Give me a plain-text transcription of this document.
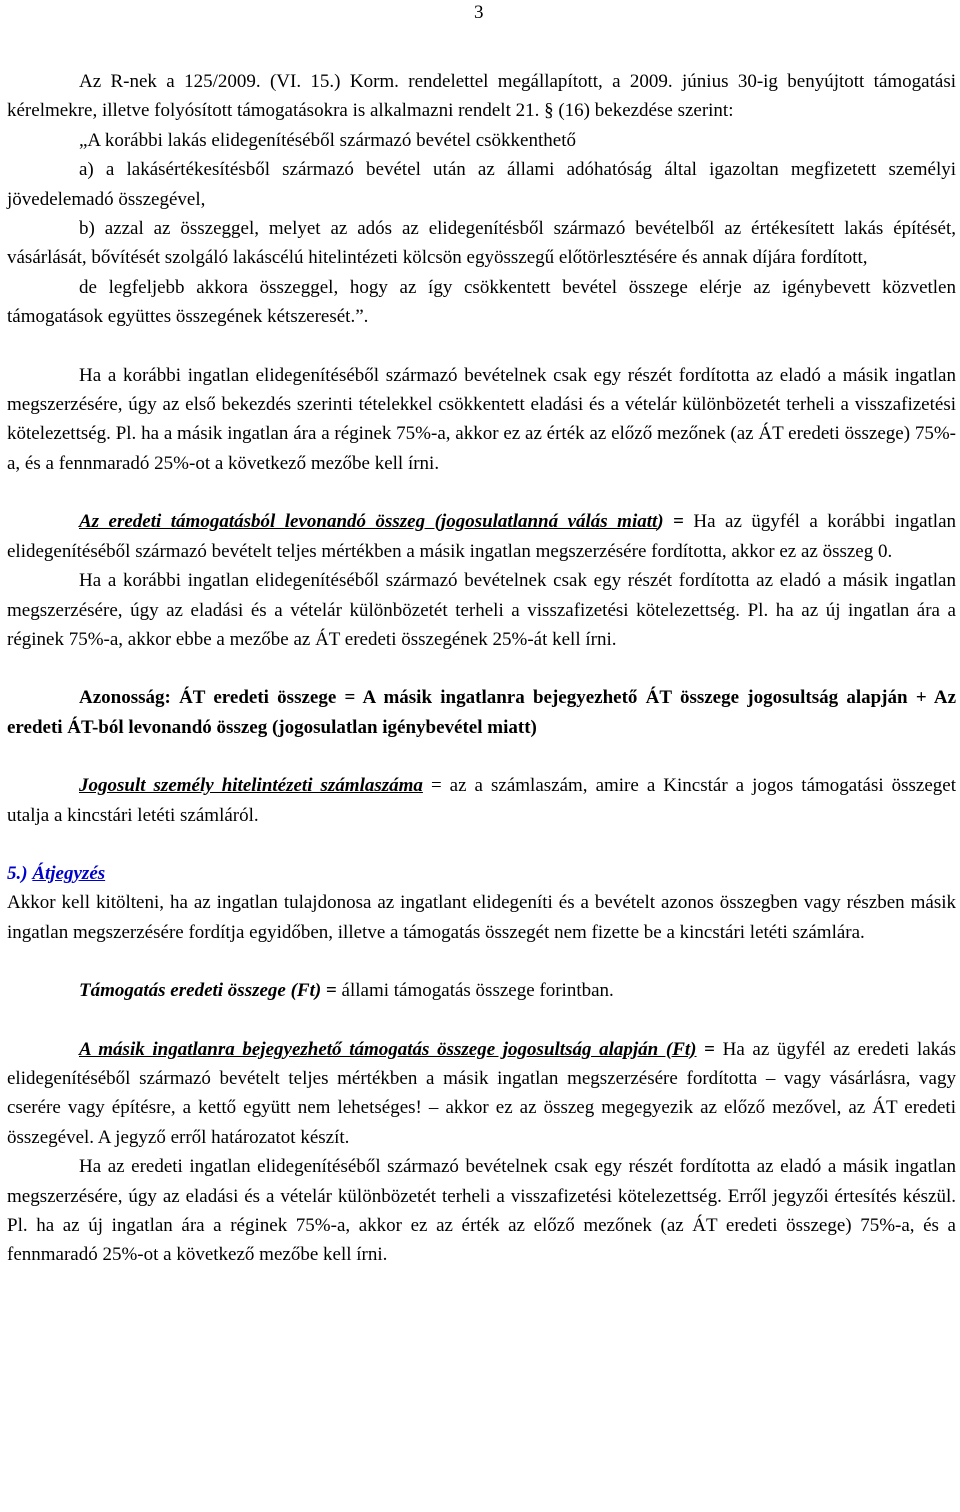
3

Az R-nek a 125/2009. (VI. 15.) Korm. rendelettel megállapított, a 2009. június 30-ig benyújtott támogatási kérelmekre, illetve folyósított támogatásokra is alkalmazni rendelt 21. § (16) bekezdése szerint:

„A korábbi lakás elidegenítéséből származó bevétel csökkenthető

a) a lakásértékesítésből származó bevétel után az állami adóhatóság által igazoltan megfizetett személyi jövedelemadó összegével,

b) azzal az összeggel, melyet az adós az elidegenítésből származó bevételből az értékesített lakás építését, vásárlását, bővítését szolgáló lakáscélú hitelintézeti kölcsön egyösszegű előtörlesztésére és annak díjára fordított,

de legfeljebb akkora összeggel, hogy az így csökkentett bevétel összege elérje az igénybevett közvetlen támogatások együttes összegének kétszeresét.”.

Ha a korábbi ingatlan elidegenítéséből származó bevételnek csak egy részét fordította az eladó a másik ingatlan megszerzésére, úgy az első bekezdés szerinti tételekkel csökkentett eladási és a vételár különbözetét terheli a visszafizetési kötelezettség. Pl. ha a másik ingatlan ára a réginek 75%-a, akkor ez az érték az előző mezőnek (az ÁT eredeti összege) 75%-a, és a fennmaradó 25%-ot a következő mezőbe kell írni.

Az eredeti támogatásból levonandó összeg (jogosulatlanná válás miatt) = Ha az ügyfél a korábbi ingatlan elidegenítéséből származó bevételt teljes mértékben a másik ingatlan megszerzésére fordította, akkor ez az összeg 0.

Ha a korábbi ingatlan elidegenítéséből származó bevételnek csak egy részét fordította az eladó a másik ingatlan megszerzésére, úgy az eladási és a vételár különbözetét terheli a visszafizetési kötelezettség. Pl. ha az új ingatlan ára a réginek 75%-a, akkor ebbe a mezőbe az ÁT eredeti összegének 25%-át kell írni.

Azonosság: ÁT eredeti összege = A másik ingatlanra bejegyezhető ÁT összege jogosultság alapján + Az eredeti ÁT-ból levonandó összeg (jogosulatlan igénybevétel miatt)

Jogosult személy hitelintézeti számlaszáma = az a számlaszám, amire a Kincstár a jogos támogatási összeget utalja a kincstári letéti számláról.

5.) Átjegyzés

Akkor kell kitölteni, ha az ingatlan tulajdonosa az ingatlant elidegeníti és a bevételt azonos összegben vagy részben másik ingatlan megszerzésére fordítja egyidőben, illetve a támogatás összegét nem fizette be a kincstári letéti számlára.

Támogatás eredeti összege (Ft) = állami támogatás összege forintban.

A másik ingatlanra bejegyezhető támogatás összege jogosultság alapján (Ft) = Ha az ügyfél az eredeti lakás elidegenítéséből származó bevételt teljes mértékben a másik ingatlan megszerzésére fordította – vagy vásárlásra, vagy cserére vagy építésre, a kettő együtt nem lehetséges! – akkor ez az összeg megegyezik az előző mezővel, az ÁT eredeti összegével. A jegyző erről határozatot készít.

Ha az eredeti ingatlan elidegenítéséből származó bevételnek csak egy részét fordította az eladó a másik ingatlan megszerzésére, úgy az eladási és a vételár különbözetét terheli a visszafizetési kötelezettség. Erről jegyzői értesítés készül. Pl. ha az új ingatlan ára a réginek 75%-a, akkor ez az érték az előző mezőnek (az ÁT eredeti összege) 75%-a, és a fennmaradó 25%-ot a következő mezőbe kell írni.
